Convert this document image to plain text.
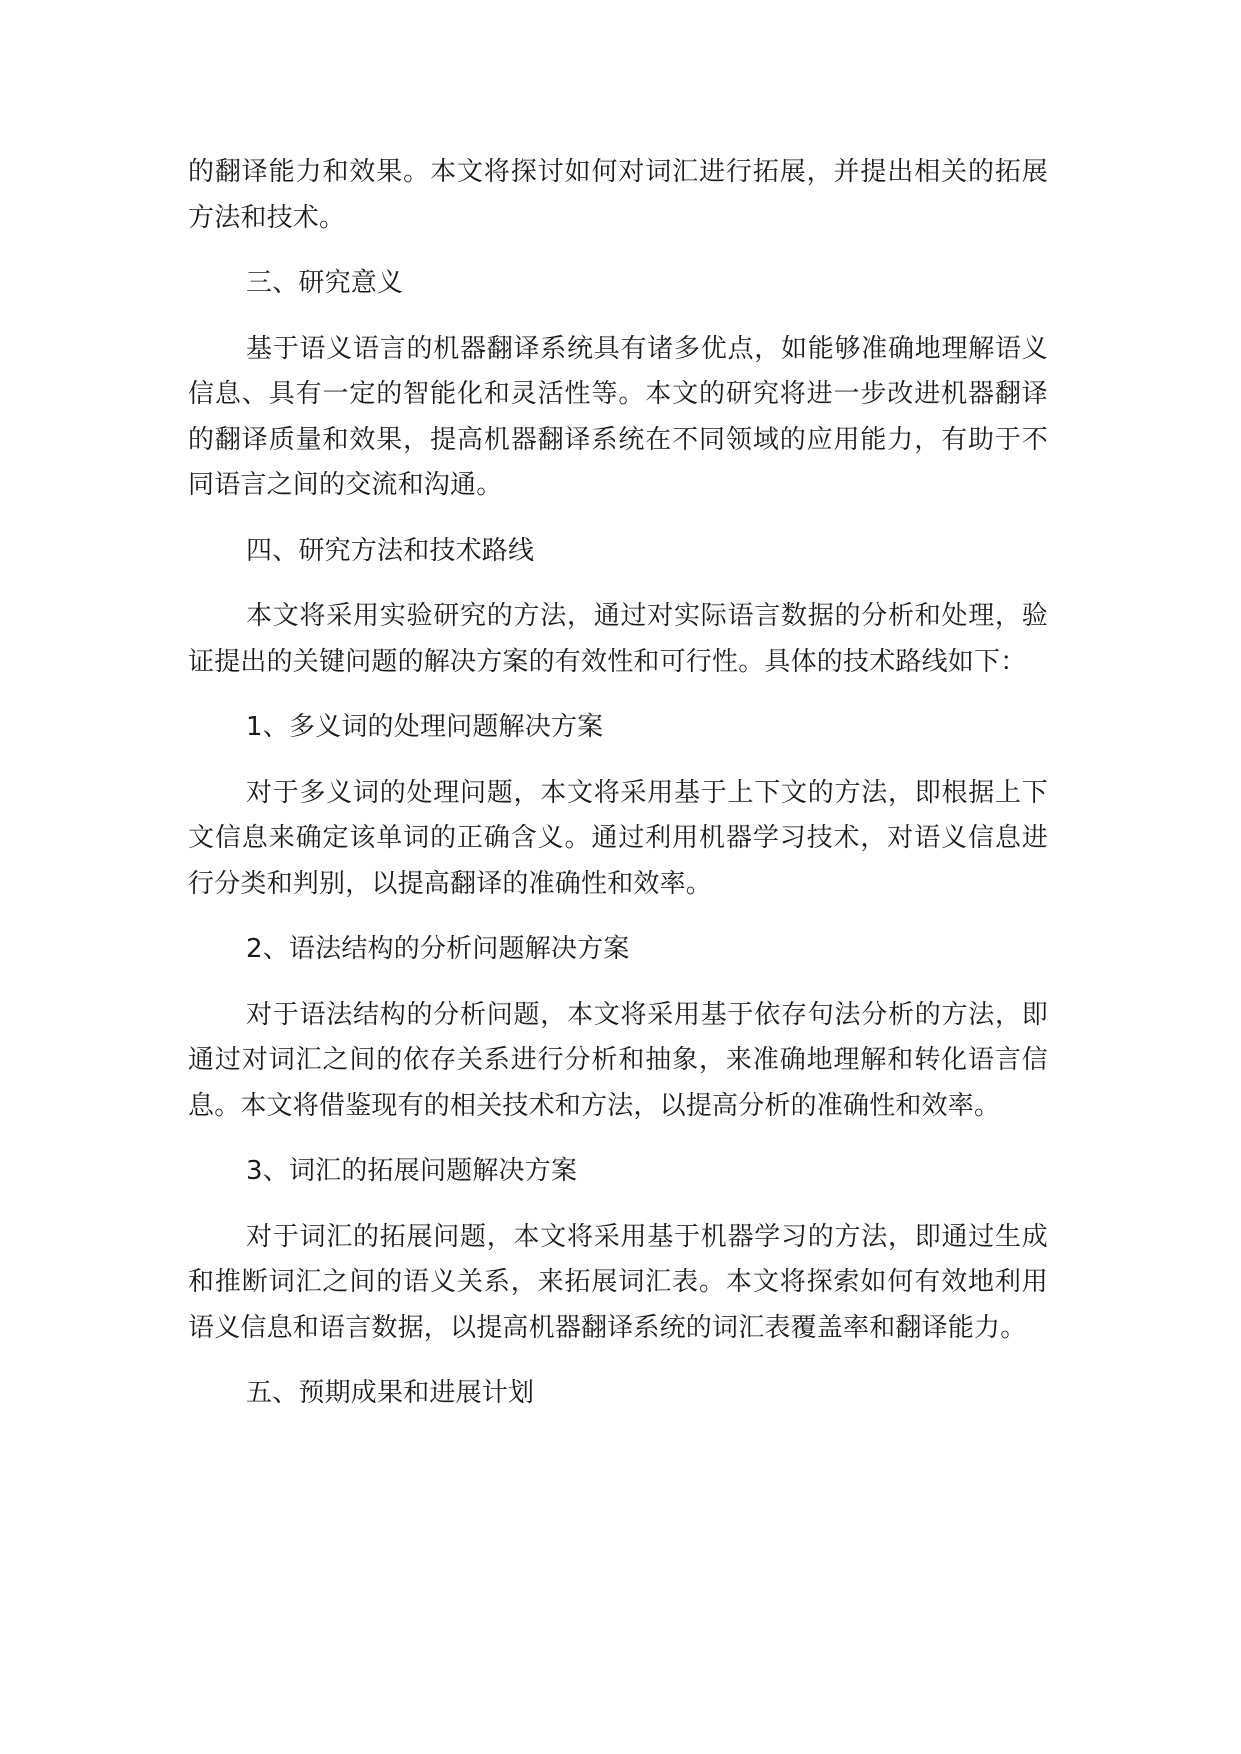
的翻译能力和效果。本文将探讨如何对词汇进行拓展，并提出相关的拓展方法和技术。

三、研究意义

基于语义语言的机器翻译系统具有诸多优点，如能够准确地理解语义信息、具有一定的智能化和灵活性等。本文的研究将进一步改进机器翻译的翻译质量和效果，提高机器翻译系统在不同领域的应用能力，有助于不同语言之间的交流和沟通。

四、研究方法和技术路线

本文将采用实验研究的方法，通过对实际语言数据的分析和处理，验证提出的关键问题的解决方案的有效性和可行性。具体的技术路线如下：

1、多义词的处理问题解决方案

对于多义词的处理问题，本文将采用基于上下文的方法，即根据上下文信息来确定该单词的正确含义。通过利用机器学习技术，对语义信息进行分类和判别，以提高翻译的准确性和效率。

2、语法结构的分析问题解决方案

对于语法结构的分析问题，本文将采用基于依存句法分析的方法，即通过对词汇之间的依存关系进行分析和抽象，来准确地理解和转化语言信息。本文将借鉴现有的相关技术和方法，以提高分析的准确性和效率。

3、词汇的拓展问题解决方案

对于词汇的拓展问题，本文将采用基于机器学习的方法，即通过生成和推断词汇之间的语义关系，来拓展词汇表。本文将探索如何有效地利用语义信息和语言数据，以提高机器翻译系统的词汇表覆盖率和翻译能力。

五、预期成果和进展计划
